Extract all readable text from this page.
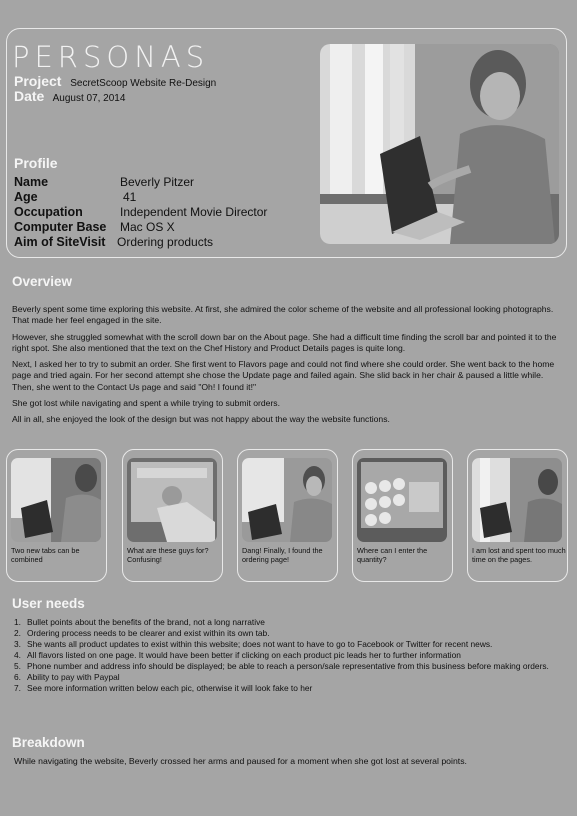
PERSONAS
Project SecretScoop Website Re-Design
Date August 07, 2014
Profile
Name	Beverly Pitzer
Age	41
Occupation	Independent Movie Director
Computer Base	Mac OS X
Aim of SiteVisit Ordering products
Overview

Beverly spent some time exploring this website. At first, she admired the color scheme of the website and all professional looking photographs. That made her feel engaged in the site.

However, she struggled somewhat with the scroll down bar on the About page. She had a difficult time finding the scroll bar and pointed it to the right spot. She also mentioned that the text on the Chef History and Product Details pages is quite long.

Next, I asked her to try to submit an order. She first went to Flavors page and could not find where she could order. She went back to the home page and tried again. For her second attempt she chose the Update page and failed again. She slid back in her chair & paused a little while. Then, she went to the Contact Us page and said "Oh! I found it!"

She got lost while navigating and spent a while trying to submit orders.

All in all, she enjoyed the look of the design but was not happy about the way the website functions.

Two new tabs can be combined
What are these guys for? Confusing!
Dang! Finally, I found the ordering page!
Where can I enter the quantity?
I am lost and spent too much time on the pages.
User needs
1. Bullet points about the benefits of the brand, not a long narrative
2. Ordering process needs to be clearer and exist within its own tab.
3. She wants all product updates to exist within this website; does not want to have to go to Facebook or Twitter for recent news.
4. All flavors listed on one page. It would have been better if clicking on each product pic leads her to further information
5. Phone number and address info should be displayed; be able to reach a person/sale representative from this business before making orders.
6. Ability to pay with Paypal
7. See more information written below each pic, otherwise it will look fake to her
Breakdown
While navigating the website, Beverly crossed her arms and paused for a moment when she got lost at several points.
